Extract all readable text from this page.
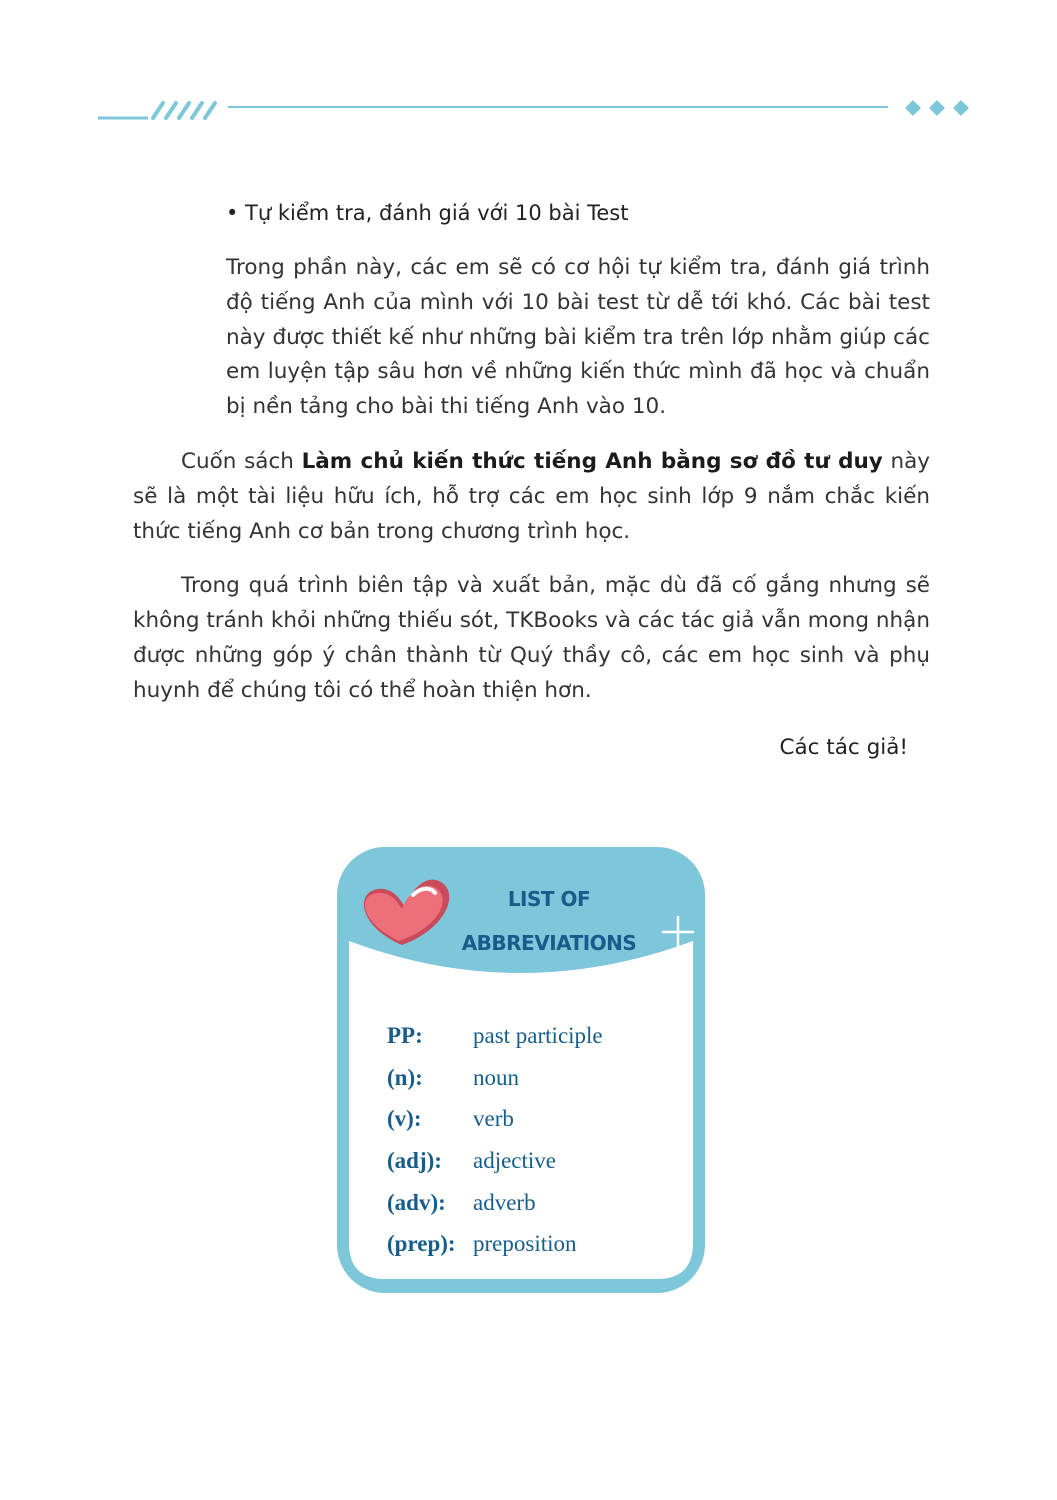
• Tự kiểm tra, đánh giá với 10 bài Test

Trong phần này, các em sẽ có cơ hội tự kiểm tra, đánh giá trình độ tiếng Anh của mình với 10 bài test từ dễ tới khó. Các bài test này được thiết kế như những bài kiểm tra trên lớp nhằm giúp các em luyện tập sâu hơn về những kiến thức mình đã học và chuẩn bị nền tảng cho bài thi tiếng Anh vào 10.

Cuốn sách Làm chủ kiến thức tiếng Anh bằng sơ đồ tư duy này sẽ là một tài liệu hữu ích, hỗ trợ các em học sinh lớp 9 nắm chắc kiến thức tiếng Anh cơ bản trong chương trình học.

Trong quá trình biên tập và xuất bản, mặc dù đã cố gắng nhưng sẽ không tránh khỏi những thiếu sót, TKBooks và các tác giả vẫn mong nhận được những góp ý chân thành từ Quý thầy cô, các em học sinh và phụ huynh để chúng tôi có thể hoàn thiện hơn.

Các tác giả!

LIST OF
ABBREVIATIONS
PP:	past participle
(n):	noun
(v):	verb
(adj):	adjective
(adv):	adverb
(prep): preposition
